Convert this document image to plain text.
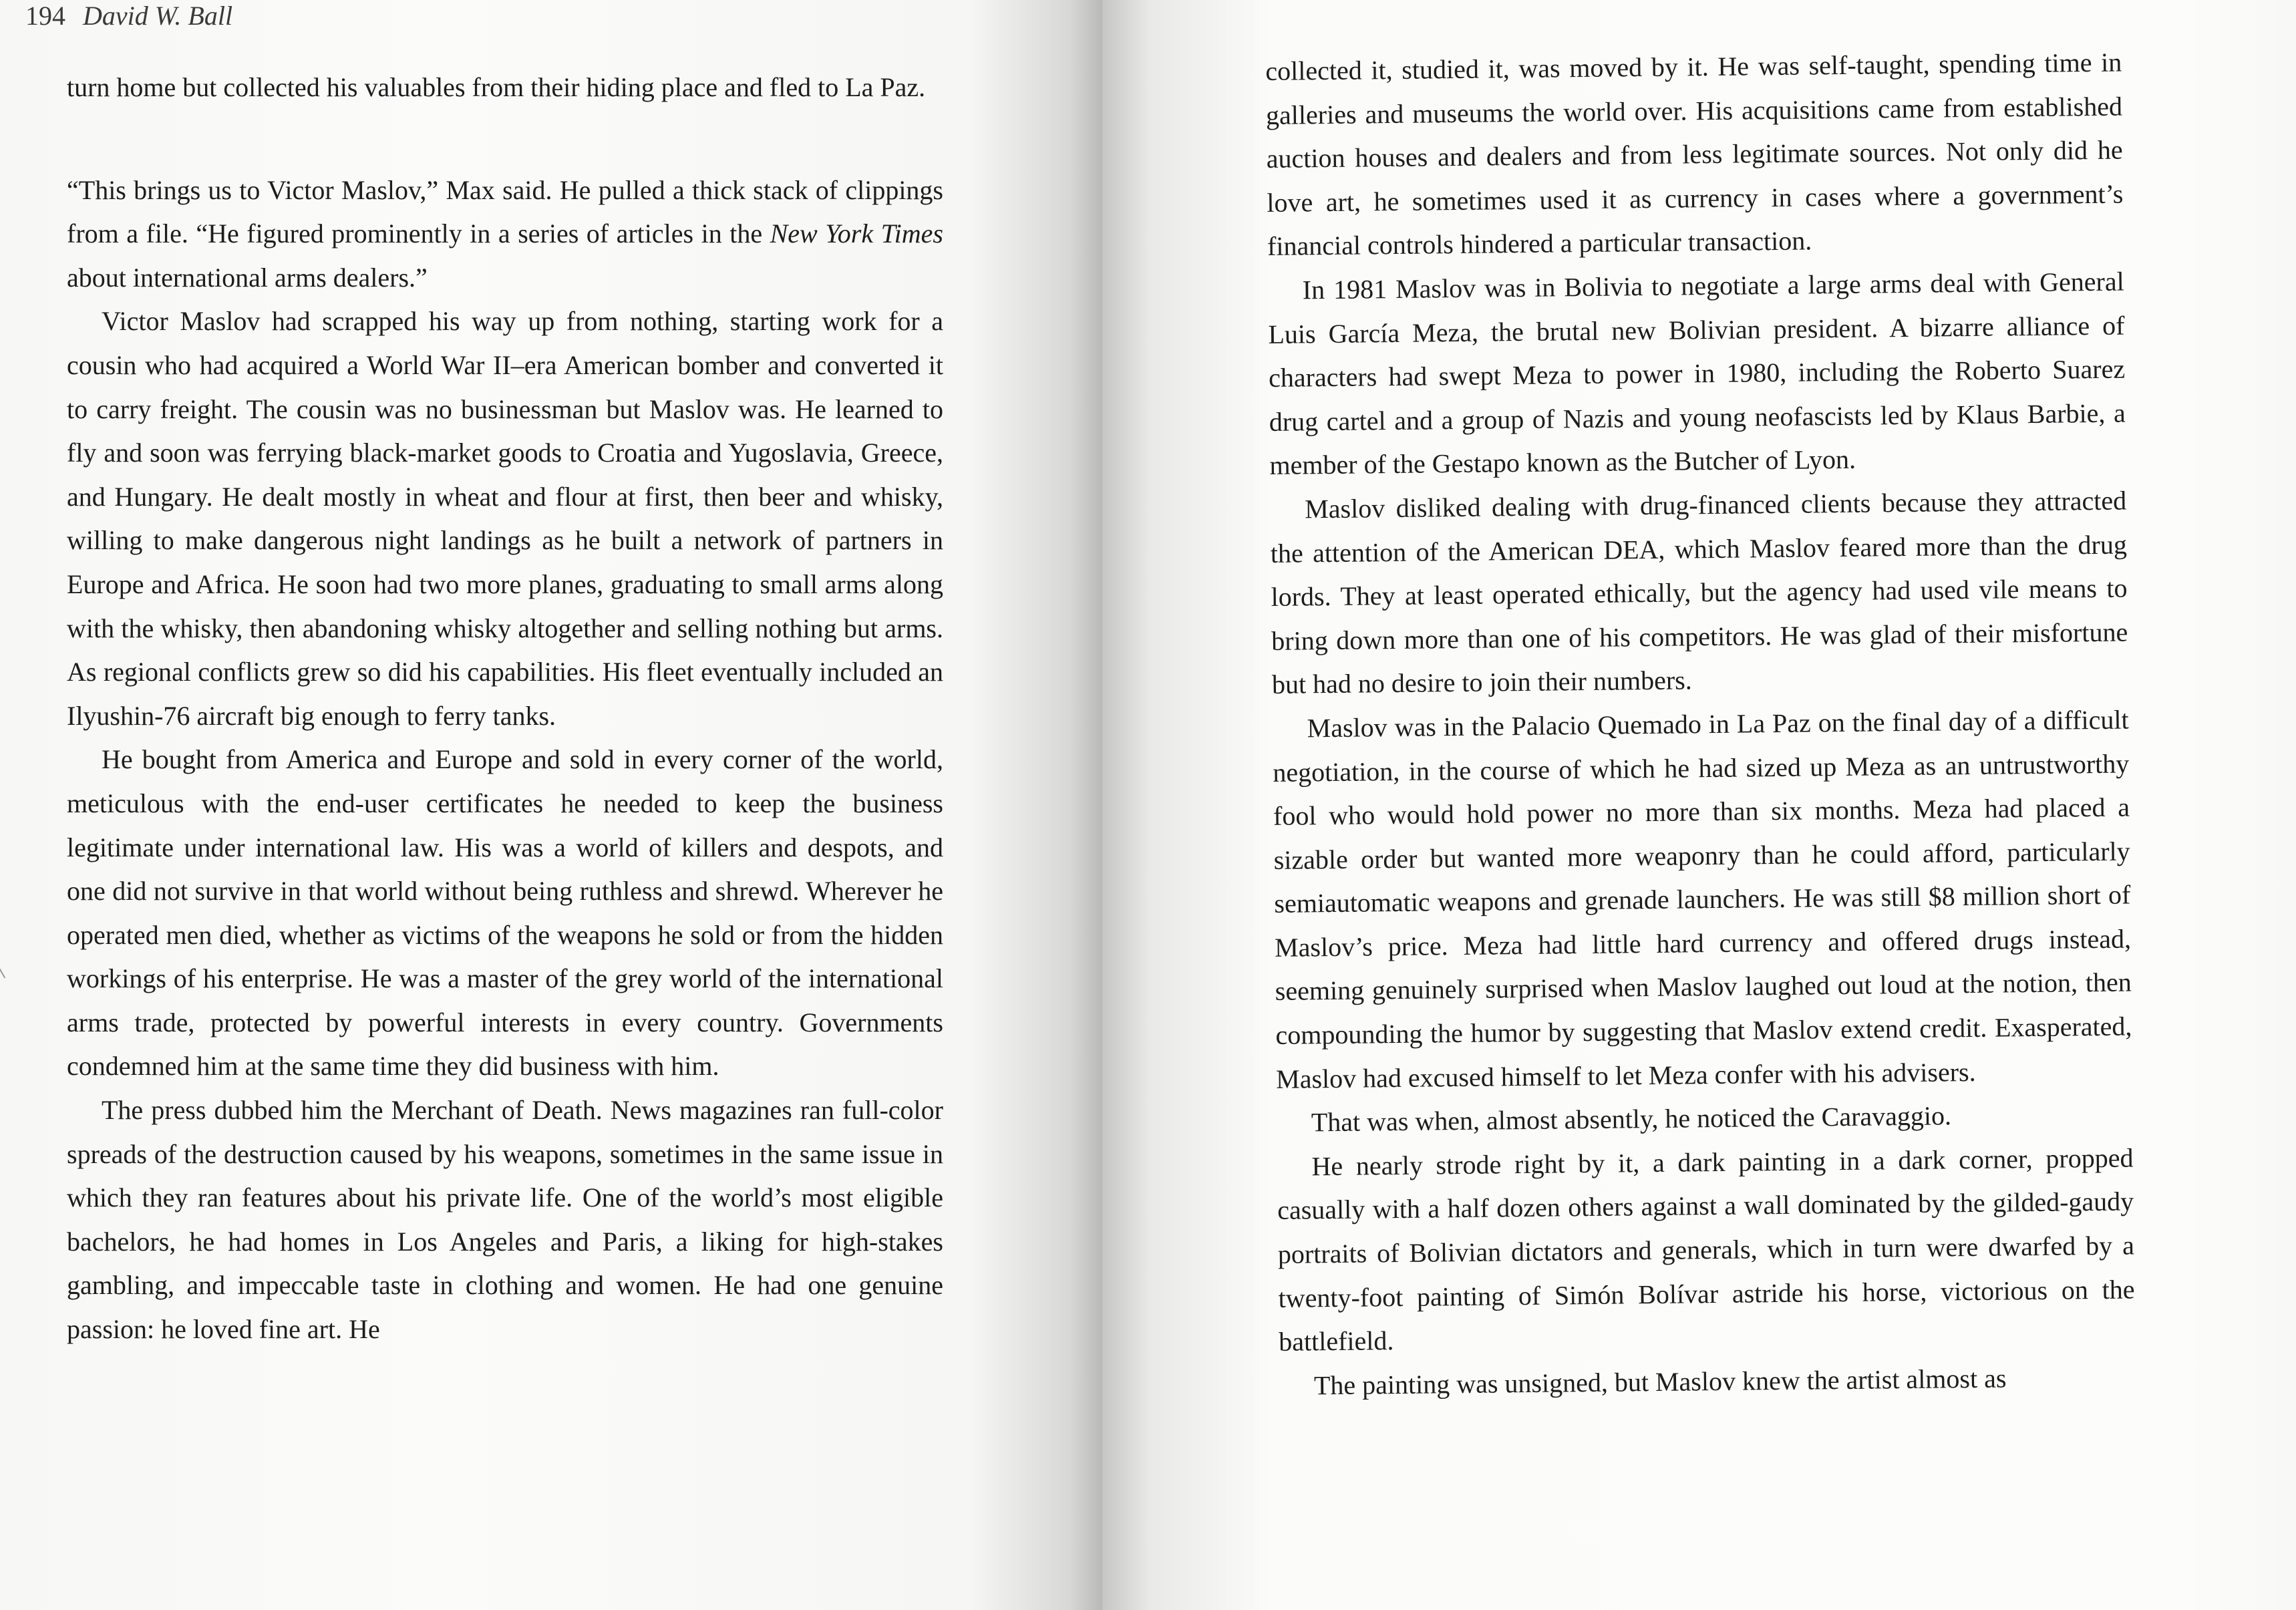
194 David W. Ball

turn home but collected his valuables from their hiding place and fled to La Paz.

“This brings us to Victor Maslov,” Max said. He pulled a thick stack of clippings from a file. “He figured prominently in a series of articles in the New York Times about international arms dealers.”

Victor Maslov had scrapped his way up from nothing, starting work for a cousin who had acquired a World War II–era American bomber and converted it to carry freight. The cousin was no businessman but Maslov was. He learned to fly and soon was ferrying black-market goods to Croatia and Yugoslavia, Greece, and Hungary. He dealt mostly in wheat and flour at first, then beer and whisky, willing to make dangerous night landings as he built a network of partners in Europe and Africa. He soon had two more planes, graduating to small arms along with the whisky, then abandoning whisky altogether and selling nothing but arms. As regional conflicts grew so did his capabilities. His fleet eventually included an Ilyushin-76 aircraft big enough to ferry tanks.

He bought from America and Europe and sold in every corner of the world, meticulous with the end-user certificates he needed to keep the business legitimate under international law. His was a world of killers and despots, and one did not survive in that world without being ruthless and shrewd. Wherever he operated men died, whether as victims of the weapons he sold or from the hidden workings of his enterprise. He was a master of the grey world of the international arms trade, protected by powerful interests in every country. Governments condemned him at the same time they did business with him.

The press dubbed him the Merchant of Death. News magazines ran full-color spreads of the destruction caused by his weapons, sometimes in the same issue in which they ran features about his private life. One of the world’s most eligible bachelors, he had homes in Los Angeles and Paris, a liking for high-stakes gambling, and impeccable taste in clothing and women. He had one genuine passion: he loved fine art. He

collected it, studied it, was moved by it. He was self-taught, spending time in galleries and museums the world over. His acquisitions came from established auction houses and dealers and from less legitimate sources. Not only did he love art, he sometimes used it as currency in cases where a government’s financial controls hindered a particular transaction.

In 1981 Maslov was in Bolivia to negotiate a large arms deal with General Luis García Meza, the brutal new Bolivian president. A bizarre alliance of characters had swept Meza to power in 1980, including the Roberto Suarez drug cartel and a group of Nazis and young neofascists led by Klaus Barbie, a member of the Gestapo known as the Butcher of Lyon.

Maslov disliked dealing with drug-financed clients because they attracted the attention of the American DEA, which Maslov feared more than the drug lords. They at least operated ethically, but the agency had used vile means to bring down more than one of his competitors. He was glad of their misfortune but had no desire to join their numbers.

Maslov was in the Palacio Quemado in La Paz on the final day of a difficult negotiation, in the course of which he had sized up Meza as an untrustworthy fool who would hold power no more than six months. Meza had placed a sizable order but wanted more weaponry than he could afford, particularly semiautomatic weapons and grenade launchers. He was still $8 million short of Maslov’s price. Meza had little hard currency and offered drugs instead, seeming genuinely surprised when Maslov laughed out loud at the notion, then compounding the humor by suggesting that Maslov extend credit. Exasperated, Maslov had excused himself to let Meza confer with his advisers.

That was when, almost absently, he noticed the Caravaggio.

He nearly strode right by it, a dark painting in a dark corner, propped casually with a half dozen others against a wall dominated by the gilded-gaudy portraits of Bolivian dictators and generals, which in turn were dwarfed by a twenty-foot painting of Simón Bolívar astride his horse, victorious on the battlefield.

The painting was unsigned, but Maslov knew the artist almost as
